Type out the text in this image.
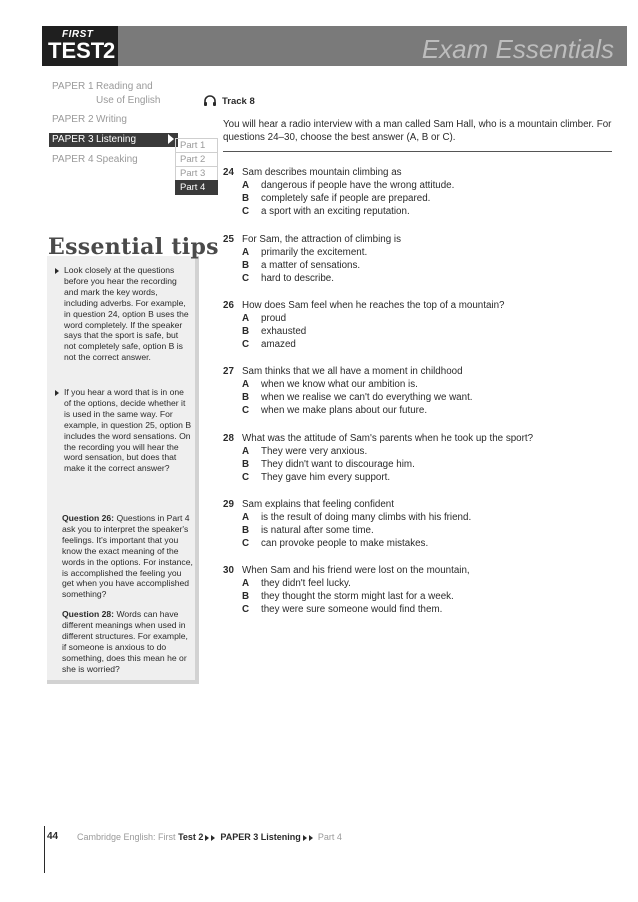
FIRST
TEST
2	Exam Essentials
PAPER 1 Reading and
Use of English
PAPER 2 Writing
PAPER 3 Listening
PAPER 4 Speaking
Part 1
Part 2
Part 3
Part 4
Essential tips
Look closely at the questions before you hear the recording and mark the key words, including adverbs. For example, in question 24, option B uses the word completely. If the speaker says that the sport is safe, but not completely safe, option B is not the correct answer.
If you hear a word that is in one of the options, decide whether it is used in the same way. For example, in question 25, option B includes the word sensations. On the recording you will hear the word sensation, but does that make it the correct answer?
Question 26: Questions in Part 4 ask you to interpret the speaker's feelings. It's important that you know the exact meaning of the words in the options. For instance, is accomplished the feeling you get when you have accomplished something?
Question 28: Words can have different meanings when used in different structures. For example, if someone is anxious to do something, does this mean he or she is worried?
Track 8
You will hear a radio interview with a man called Sam Hall, who is a mountain climber. For questions 24–30, choose the best answer (A, B or C).
24 Sam describes mountain climbing as
A dangerous if people have the wrong attitude.
B completely safe if people are prepared.
C a sport with an exciting reputation.
25 For Sam, the attraction of climbing is
A primarily the excitement.
B a matter of sensations.
C hard to describe.
26 How does Sam feel when he reaches the top of a mountain?
A proud
B exhausted
C amazed
27 Sam thinks that we all have a moment in childhood
A when we know what our ambition is.
B when we realise we can't do everything we want.
C when we make plans about our future.
28 What was the attitude of Sam's parents when he took up the sport?
A They were very anxious.
B They didn't want to discourage him.
C They gave him every support.
29 Sam explains that feeling confident
A is the result of doing many climbs with his friend.
B is natural after some time.
C can provoke people to make mistakes.
30 When Sam and his friend were lost on the mountain,
A they didn't feel lucky.
B they thought the storm might last for a week.
C they were sure someone would find them.
44 Cambridge English: First Test 2 PAPER 3 Listening Part 4
